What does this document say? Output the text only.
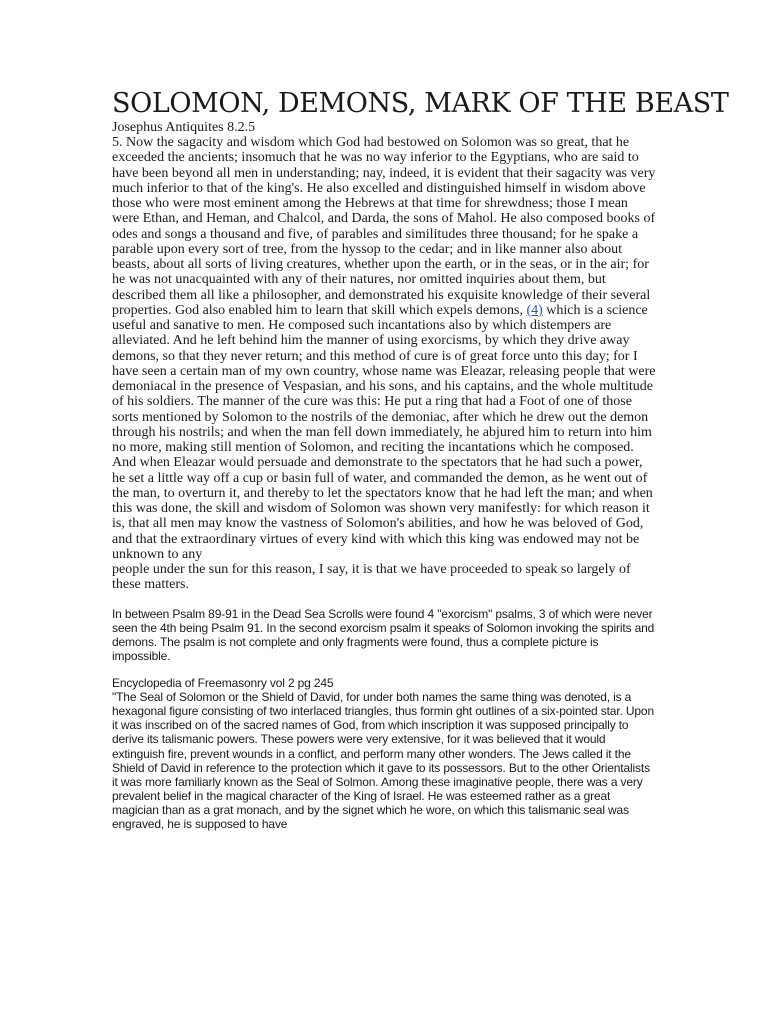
SOLOMON, DEMONS, MARK OF THE BEAST

Josephus Antiquites 8.2.5

5. Now the sagacity and wisdom which God had bestowed on Solomon was so great, that he exceeded the ancients; insomuch that he was no way inferior to the Egyptians, who are said to have been beyond all men in understanding; nay, indeed, it is evident that their sagacity was very much inferior to that of the king's. He also excelled and distinguished himself in wisdom above those who were most eminent among the Hebrews at that time for shrewdness; those I mean were Ethan, and Heman, and Chalcol, and Darda, the sons of Mahol. He also composed books of odes and songs a thousand and five, of parables and similitudes three thousand; for he spake a parable upon every sort of tree, from the hyssop to the cedar; and in like manner also about beasts, about all sorts of living creatures, whether upon the earth, or in the seas, or in the air; for he was not unacquainted with any of their natures, nor omitted inquiries about them, but described them all like a philosopher, and demonstrated his exquisite knowledge of their several properties. God also enabled him to learn that skill which expels demons, (4) which is a science useful and sanative to men. He composed such incantations also by which distempers are alleviated. And he left behind him the manner of using exorcisms, by which they drive away demons, so that they never return; and this method of cure is of great force unto this day; for I have seen a certain man of my own country, whose name was Eleazar, releasing people that were demoniacal in the presence of Vespasian, and his sons, and his captains, and the whole multitude of his soldiers. The manner of the cure was this: He put a ring that had a Foot of one of those sorts mentioned by Solomon to the nostrils of the demoniac, after which he drew out the demon through his nostrils; and when the man fell down immediately, he abjured him to return into him no more, making still mention of Solomon, and reciting the incantations which he composed. And when Eleazar would persuade and demonstrate to the spectators that he had such a power, he set a little way off a cup or basin full of water, and commanded the demon, as he went out of the man, to overturn it, and thereby to let the spectators know that he had left the man; and when this was done, the skill and wisdom of Solomon was shown very manifestly: for which reason it is, that all men may know the vastness of Solomon's abilities, and how he was beloved of God, and that the extraordinary virtues of every kind with which this king was endowed may not be unknown to any

people under the sun for this reason, I say, it is that we have proceeded to speak so largely of these matters.

In between Psalm 89-91 in the Dead Sea Scrolls were found 4 "exorcism" psalms, 3 of which were never seen the 4th being Psalm 91. In the second exorcism psalm it speaks of Solomon invoking the spirits and demons. The psalm is not complete and only fragments were found, thus a complete picture is impossible.

Encyclopedia of Freemasonry vol 2 pg 245

"The Seal of Solomon or the Shield of David, for under both names the same thing was denoted, is a hexagonal figure consisting of two interlaced triangles, thus formin ght outlines of a six-pointed star. Upon it was inscribed on of the sacred names of God, from which inscription it was supposed principally to derive its talismanic powers. These powers were very extensive, for it was believed that it would extinguish fire, prevent wounds in a conflict, and perform many other wonders. The Jews called it the Shield of David in reference to the protection which it gave to its possessors. But to the other Orientalists it was more familiarly known as the Seal of Solmon. Among these imaginative people, there was a very prevalent belief in the magical character of the King of Israel. He was esteemed rather as a great magician than as a grat monach, and by the signet which he wore, on which this talismanic seal was engraved, he is supposed to have
